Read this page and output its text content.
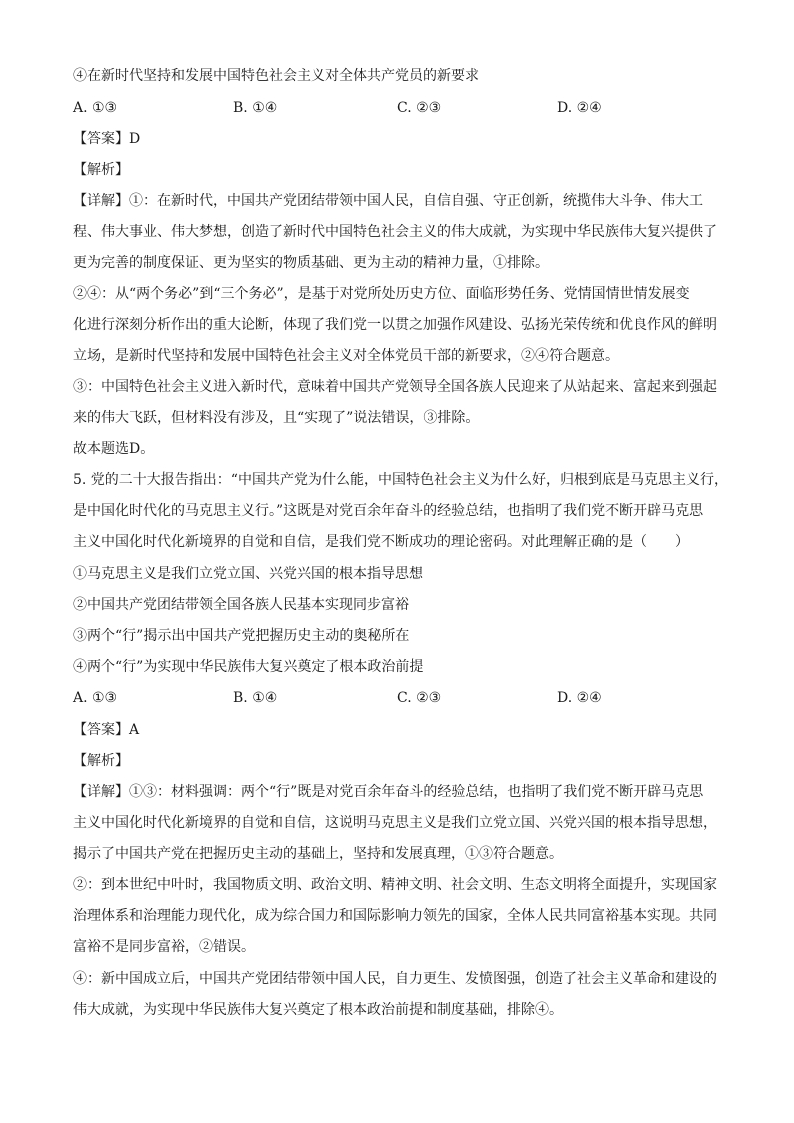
④在新时代坚持和发展中国特色社会主义对全体共产党员的新要求
A. ①③	B. ①④	C. ②③	D. ②④
【答案】D
【解析】
【详解】①：在新时代，中国共产党团结带领中国人民，自信自强、守正创新，统揽伟大斗争、伟大工
程、伟大事业、伟大梦想，创造了新时代中国特色社会主义的伟大成就，为实现中华民族伟大复兴提供了
更为完善的制度保证、更为坚实的物质基础、更为主动的精神力量，①排除。
②④：从“两个务必”到“三个务必”，是基于对党所处历史方位、面临形势任务、党情国情世情发展变
化进行深刻分析作出的重大论断，体现了我们党一以贯之加强作风建设、弘扬光荣传统和优良作风的鲜明
立场，是新时代坚持和发展中国特色社会主义对全体党员干部的新要求，②④符合题意。
③：中国特色社会主义进入新时代，意味着中国共产党领导全国各族人民迎来了从站起来、富起来到强起
来的伟大飞跃，但材料没有涉及，且“实现了”说法错误，③排除。
故本题选D。
5. 党的二十大报告指出：“中国共产党为什么能，中国特色社会主义为什么好，归根到底是马克思主义行，
是中国化时代化的马克思主义行。”这既是对党百余年奋斗的经验总结，也指明了我们党不断开辟马克思
主义中国化时代化新境界的自觉和自信，是我们党不断成功的理论密码。对此理解正确的是（　　）
①马克思主义是我们立党立国、兴党兴国的根本指导思想
②中国共产党团结带领全国各族人民基本实现同步富裕
③两个“行”揭示出中国共产党把握历史主动的奥秘所在
④两个“行”为实现中华民族伟大复兴奠定了根本政治前提
A. ①③	B. ①④	C. ②③	D. ②④
【答案】A
【解析】
【详解】①③：材料强调：两个“行”既是对党百余年奋斗的经验总结，也指明了我们党不断开辟马克思
主义中国化时代化新境界的自觉和自信，这说明马克思主义是我们立党立国、兴党兴国的根本指导思想，
揭示了中国共产党在把握历史主动的基础上，坚持和发展真理，①③符合题意。
②：到本世纪中叶时，我国物质文明、政治文明、精神文明、社会文明、生态文明将全面提升，实现国家
治理体系和治理能力现代化，成为综合国力和国际影响力领先的国家，全体人民共同富裕基本实现。共同
富裕不是同步富裕，②错误。
④：新中国成立后，中国共产党团结带领中国人民，自力更生、发愤图强，创造了社会主义革命和建设的
伟大成就，为实现中华民族伟大复兴奠定了根本政治前提和制度基础，排除④。
